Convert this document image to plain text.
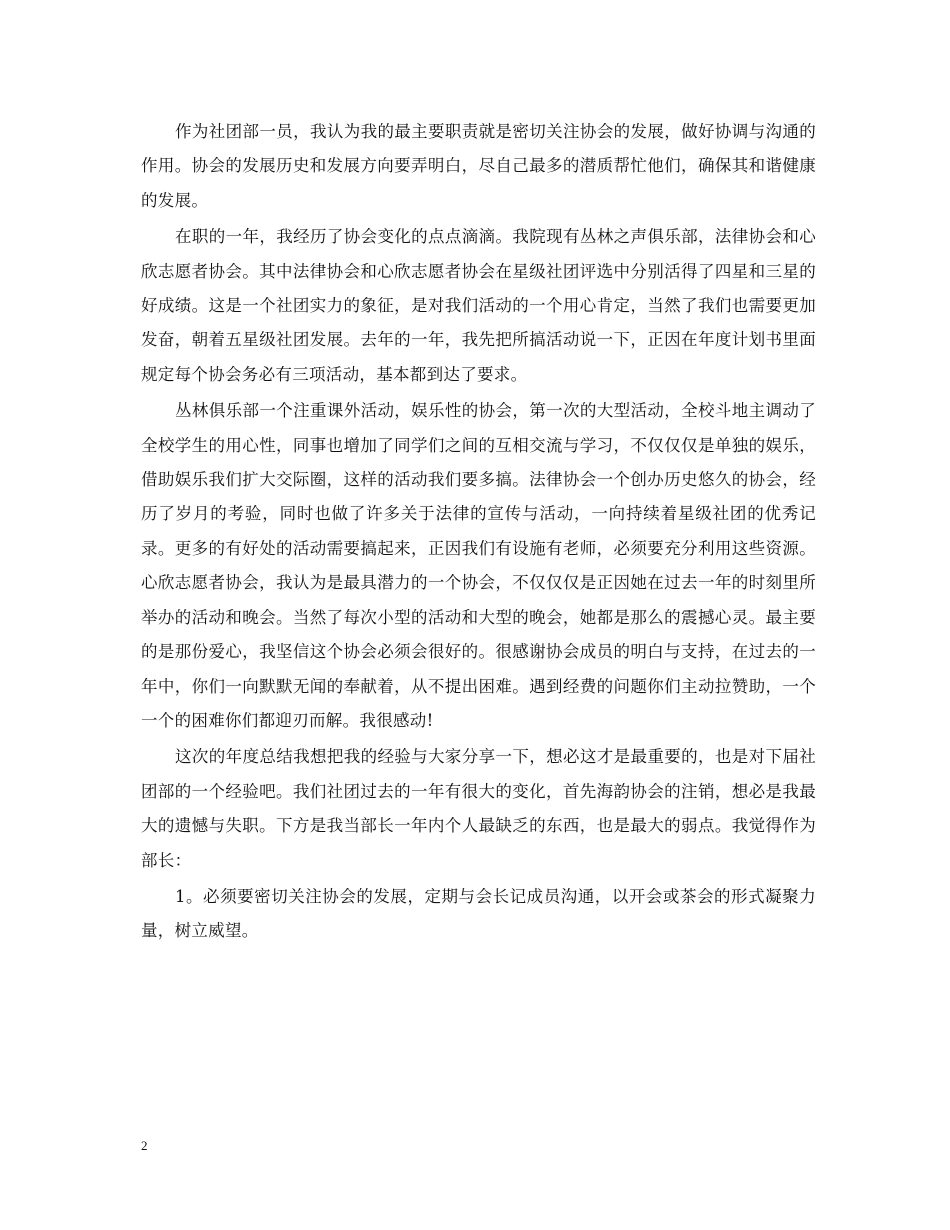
作为社团部一员，我认为我的最主要职责就是密切关注协会的发展，做好协调与沟通的作用。协会的发展历史和发展方向要弄明白，尽自己最多的潜质帮忙他们，确保其和谐健康的发展。

在职的一年，我经历了协会变化的点点滴滴。我院现有丛林之声俱乐部，法律协会和心欣志愿者协会。其中法律协会和心欣志愿者协会在星级社团评选中分别活得了四星和三星的好成绩。这是一个社团实力的象征，是对我们活动的一个用心肯定，当然了我们也需要更加发奋，朝着五星级社团发展。去年的一年，我先把所搞活动说一下，正因在年度计划书里面规定每个协会务必有三项活动，基本都到达了要求。

丛林俱乐部一个注重课外活动，娱乐性的协会，第一次的大型活动，全校斗地主调动了全校学生的用心性，同事也增加了同学们之间的互相交流与学习，不仅仅仅是单独的娱乐，借助娱乐我们扩大交际圈，这样的活动我们要多搞。法律协会一个创办历史悠久的协会，经历了岁月的考验，同时也做了许多关于法律的宣传与活动，一向持续着星级社团的优秀记录。更多的有好处的活动需要搞起来，正因我们有设施有老师，必须要充分利用这些资源。心欣志愿者协会，我认为是最具潜力的一个协会，不仅仅仅是正因她在过去一年的时刻里所举办的活动和晚会。当然了每次小型的活动和大型的晚会，她都是那么的震撼心灵。最主要的是那份爱心，我坚信这个协会必须会很好的。很感谢协会成员的明白与支持，在过去的一年中，你们一向默默无闻的奉献着，从不提出困难。遇到经费的问题你们主动拉赞助，一个一个的困难你们都迎刃而解。我很感动!

这次的年度总结我想把我的经验与大家分享一下，想必这才是最重要的，也是对下届社团部的一个经验吧。我们社团过去的一年有很大的变化，首先海韵协会的注销，想必是我最大的遗憾与失职。下方是我当部长一年内个人最缺乏的东西，也是最大的弱点。我觉得作为部长：

1。必须要密切关注协会的发展，定期与会长记成员沟通，以开会或茶会的形式凝聚力量，树立威望。

2
